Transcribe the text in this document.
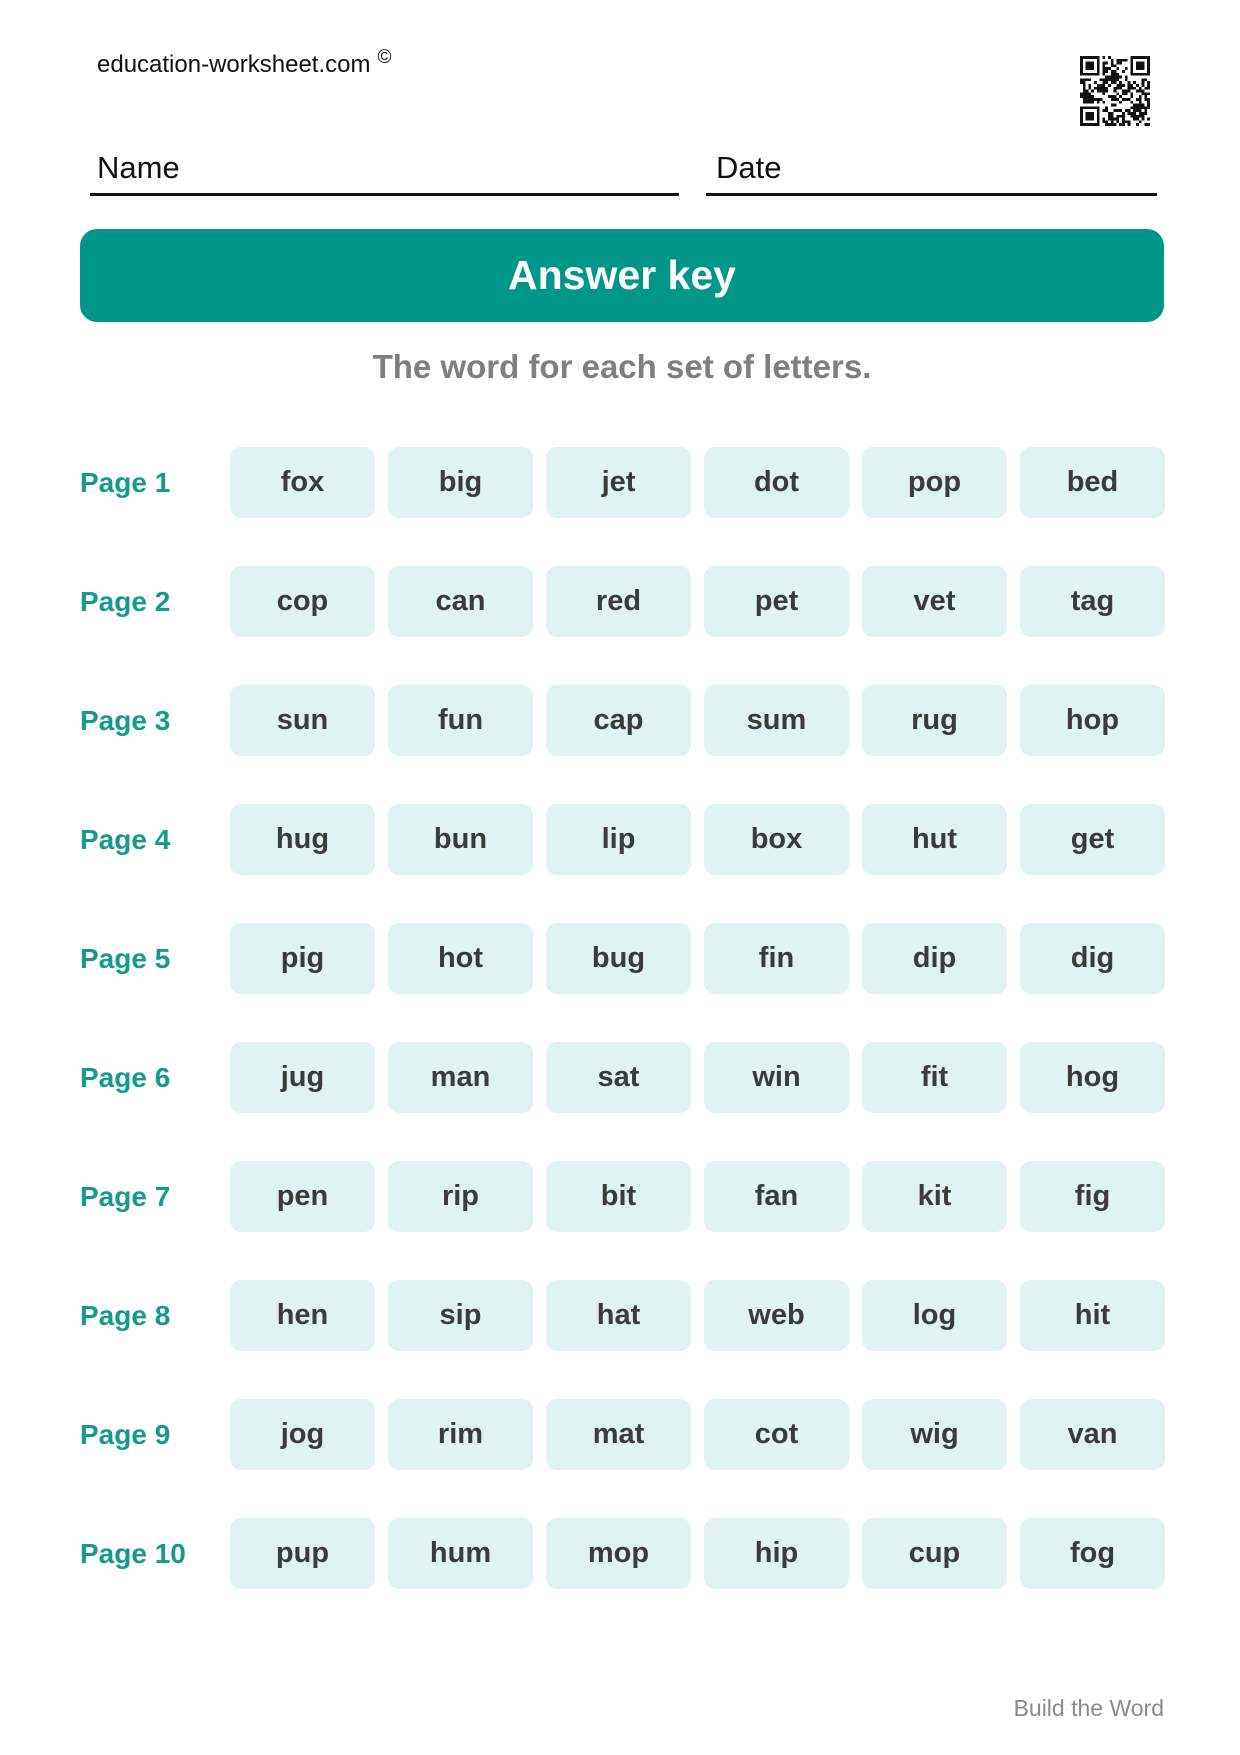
education-worksheet.com ©
Name	Date
Answer key
The word for each set of letters.
Page 1	fox	big	jet	dot	pop	bed
Page 2	cop	can	red	pet	vet	tag
Page 3	sun	fun	cap	sum	rug	hop
Page 4	hug	bun	lip	box	hut	get
Page 5	pig	hot	bug	fin	dip	dig
Page 6	jug	man	sat	win	fit	hog
Page 7	pen	rip	bit	fan	kit	fig
Page 8	hen	sip	hat	web	log	hit
Page 9	jog	rim	mat	cot	wig	van
Page 10	pup	hum	mop	hip	cup	fog
Build the Word
